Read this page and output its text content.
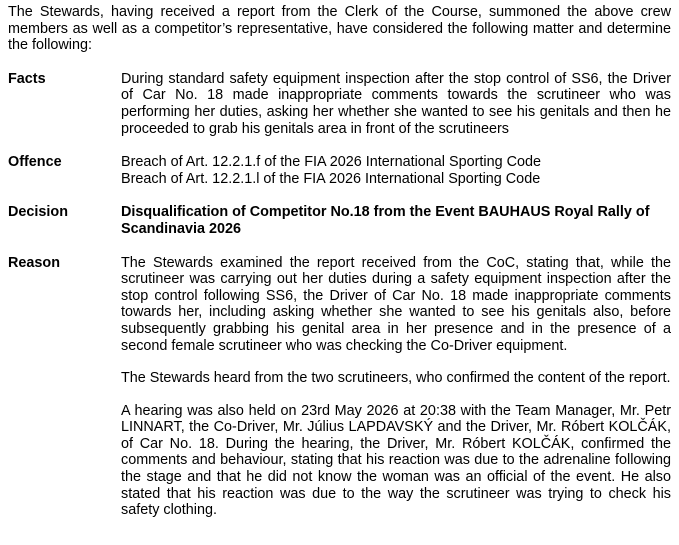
The Stewards, having received a report from the Clerk of the Course, summoned the above crew members as well as a competitor’s representative, have considered the following matter and determine the following:

Facts	During standard safety equipment inspection after the stop control of SS6, the Driver of Car No. 18 made inappropriate comments towards the scrutineer who was performing her duties, asking her whether she wanted to see his genitals and then he proceeded to grab his genitals area in front of the scrutineers

Offence	Breach of Art. 12.2.1.f of the FIA 2026 International Sporting Code
Breach of Art. 12.2.1.l of the FIA 2026 International Sporting Code
Decision	Disqualification of Competitor No.18 from the Event BAUHAUS Royal Rally of Scandinavia 2026

Reason	The Stewards examined the report received from the CoC, stating that, while the scrutineer was carrying out her duties during a safety equipment inspection after the stop control following SS6, the Driver of Car No. 18 made inappropriate comments towards her, including asking whether she wanted to see his genitals also, before subsequently grabbing his genital area in her presence and in the presence of a second female scrutineer who was checking the Co-Driver equipment.

The Stewards heard from the two scrutineers, who confirmed the content of the report.

A hearing was also held on 23rd May 2026 at 20:38 with the Team Manager, Mr. Petr LINNART, the Co-Driver, Mr. Július LAPDAVSKÝ and the Driver, Mr. Róbert KOLČÁK, of Car No. 18. During the hearing, the Driver, Mr. Róbert KOLČÁK, confirmed the comments and behaviour, stating that his reaction was due to the adrenaline following the stage and that he did not know the woman was an official of the event. He also stated that his reaction was due to the way the scrutineer was trying to check his safety clothing.
